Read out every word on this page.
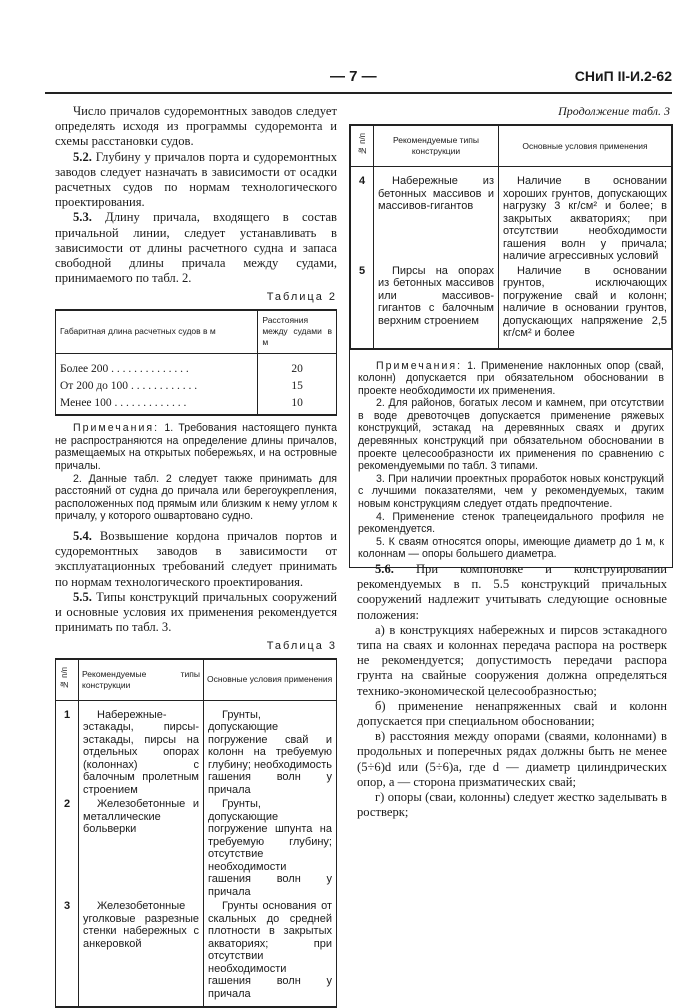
— 7 —	СНиП II-И.2-62

Число причалов судоремонтных заводов следует определять исходя из программы судоремонта и схемы расстановки судов.

5.2. Глубину у причалов порта и судоремонтных заводов следует назначать в зависимости от осадки расчетных судов по нормам технологического проектирования.

5.3. Длину причала, входящего в состав причальной линии, следует устанавливать в зависимости от длины расчетного судна и запаса свободной длины причала между судами, принимаемого по табл. 2.

Таблица 2
Габаритная длина расчетных судов в м	Расстояния между судами в м
Более 200 . . . . . . . . . . . . . .	20
От 200 до 100 . . . . . . . . . . . .	15
Менее 100 . . . . . . . . . . . . .	10

Примечания: 1. Требования настоящего пункта не распространяются на определение длины причалов, размещаемых на открытых побережьях, и на островные причалы.

2. Данные табл. 2 следует также принимать для расстояний от судна до причала или берегоукрепления, расположенных под прямым или близким к нему углом к причалу, у которого ошвартовано судно.

5.4. Возвышение кордона причалов портов и судоремонтных заводов в зависимости от эксплуатационных требований следует принимать по нормам технологического проектирования.

5.5. Типы конструкций причальных сооружений и основные условия их применения рекомендуется принимать по табл. 3.

Таблица 3
№ п/п	Рекомендуемые типы конструкции	Основные условия применения
1	Набережные-эстакады, пирсы-эстакады, пирсы на отдельных опорах (колоннах) с балочным пролетным строением	Грунты, допускающие погружение свай и колонн на требуемую глубину; необходимость гашения волн у причала

2	Железобетонные и металлические больверки	Грунты, допускающие погружение шпунта на требуемую глубину; отсутствие необходимости гашения волн у причала

3	Железобетонные уголковые разрезные стенки набережных с анкеровкой	Грунты основания от скальных до средней плотности в закрытых акваториях; при отсутствии необходимости гашения волн у причала

Продолжение табл. 3
№ п/п	Рекомендуемые типы конструкции	Основные условия применения
4	Набережные из бетонных массивов и массивов-гигантов	Наличие в основании хороших грунтов, допускающих нагрузку 3 кг/см² и более; в закрытых акваториях; при отсутствии необходимости гашения волн у причала; наличие агрессивных условий

5	Пирсы на опорах из бетонных массивов или массивов-гигантов с балочным верхним строением	Наличие в основании грунтов, исключающих погружение свай и колонн; наличие в основании грунтов, допускающих напряжение 2,5 кг/см² и более

Примечания: 1. Применение наклонных опор (свай, колонн) допускается при обязательном обосновании в проекте необходимости их применения.

2. Для районов, богатых лесом и камнем, при отсутствии в воде древоточцев допускается применение ряжевых конструкций, эстакад на деревянных сваях и других деревянных конструкций при обязательном обосновании в проекте целесообразности их применения по сравнению с рекомендуемыми по табл. 3 типами.

3. При наличии проектных проработок новых конструкций с лучшими показателями, чем у рекомендуемых, таким новым конструкциям следует отдать предпочтение.

4. Применение стенок трапецеидального профиля не рекомендуется.

5. К сваям относятся опоры, имеющие диаметр до 1 м, к колоннам — опоры большего диаметра.

5.6. При компоновке и конструировании рекомендуемых в п. 5.5 конструкций причальных сооружений надлежит учитывать следующие основные положения:

а) в конструкциях набережных и пирсов эстакадного типа на сваях и колоннах передача распора на ростверк не рекомендуется; допустимость передачи распора грунта на свайные сооружения должна определяться технико-экономической целесообразностью;

б) применение ненапряженных свай и колонн допускается при специальном обосновании;

в) расстояния между опорами (сваями, колоннами) в продольных и поперечных рядах должны быть не менее (5÷6)d или (5÷6)a, где d — диаметр цилиндрических опор, a — сторона призматических свай;

г) опоры (сваи, колонны) следует жестко заделывать в ростверк;
